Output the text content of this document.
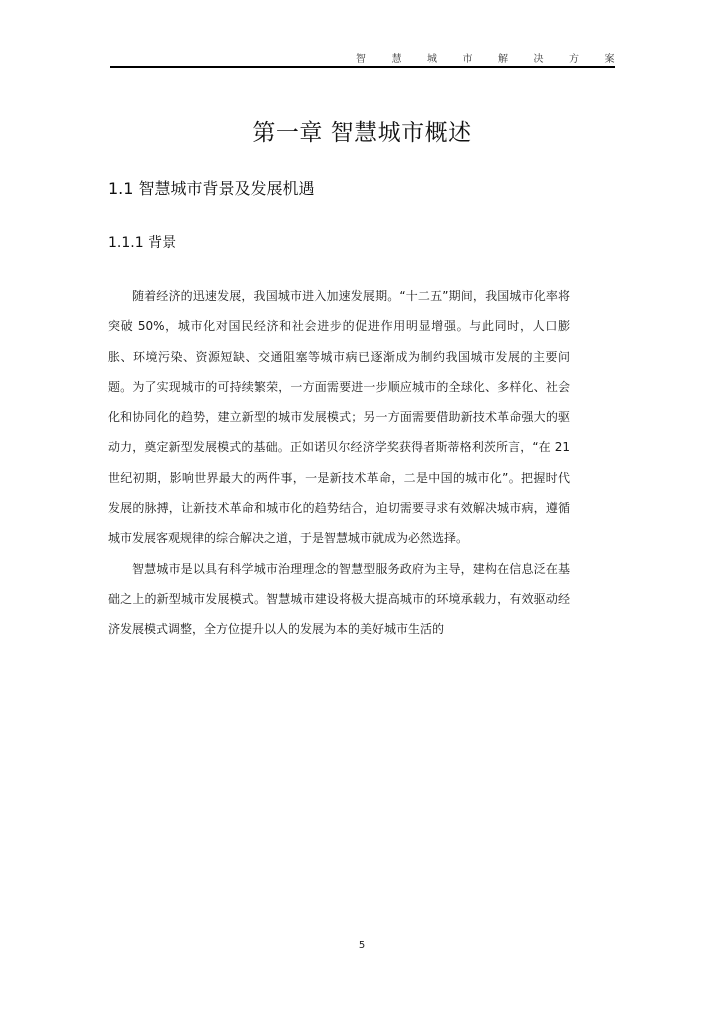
智慧城市解决方案
第一章 智慧城市概述
1.1 智慧城市背景及发展机遇
1.1.1 背景

随着经济的迅速发展，我国城市进入加速发展期。“十二五”期间，我国城市化率将突破 50%，城市化对国民经济和社会进步的促进作用明显增强。与此同时，人口膨胀、环境污染、资源短缺、交通阻塞等城市病已逐渐成为制约我国城市发展的主要问题。为了实现城市的可持续繁荣，一方面需要进一步顺应城市的全球化、多样化、社会化和协同化的趋势，建立新型的城市发展模式；另一方面需要借助新技术革命强大的驱动力，奠定新型发展模式的基础。正如诺贝尔经济学奖获得者斯蒂格利茨所言，“在 21 世纪初期，影响世界最大的两件事，一是新技术革命，二是中国的城市化”。把握时代发展的脉搏，让新技术革命和城市化的趋势结合，迫切需要寻求有效解决城市病，遵循城市发展客观规律的综合解决之道，于是智慧城市就成为必然选择。

智慧城市是以具有科学城市治理理念的智慧型服务政府为主导，建构在信息泛在基础之上的新型城市发展模式。智慧城市建设将极大提高城市的环境承载力，有效驱动经济发展模式调整，全方位提升以人的发展为本的美好城市生活的

5
